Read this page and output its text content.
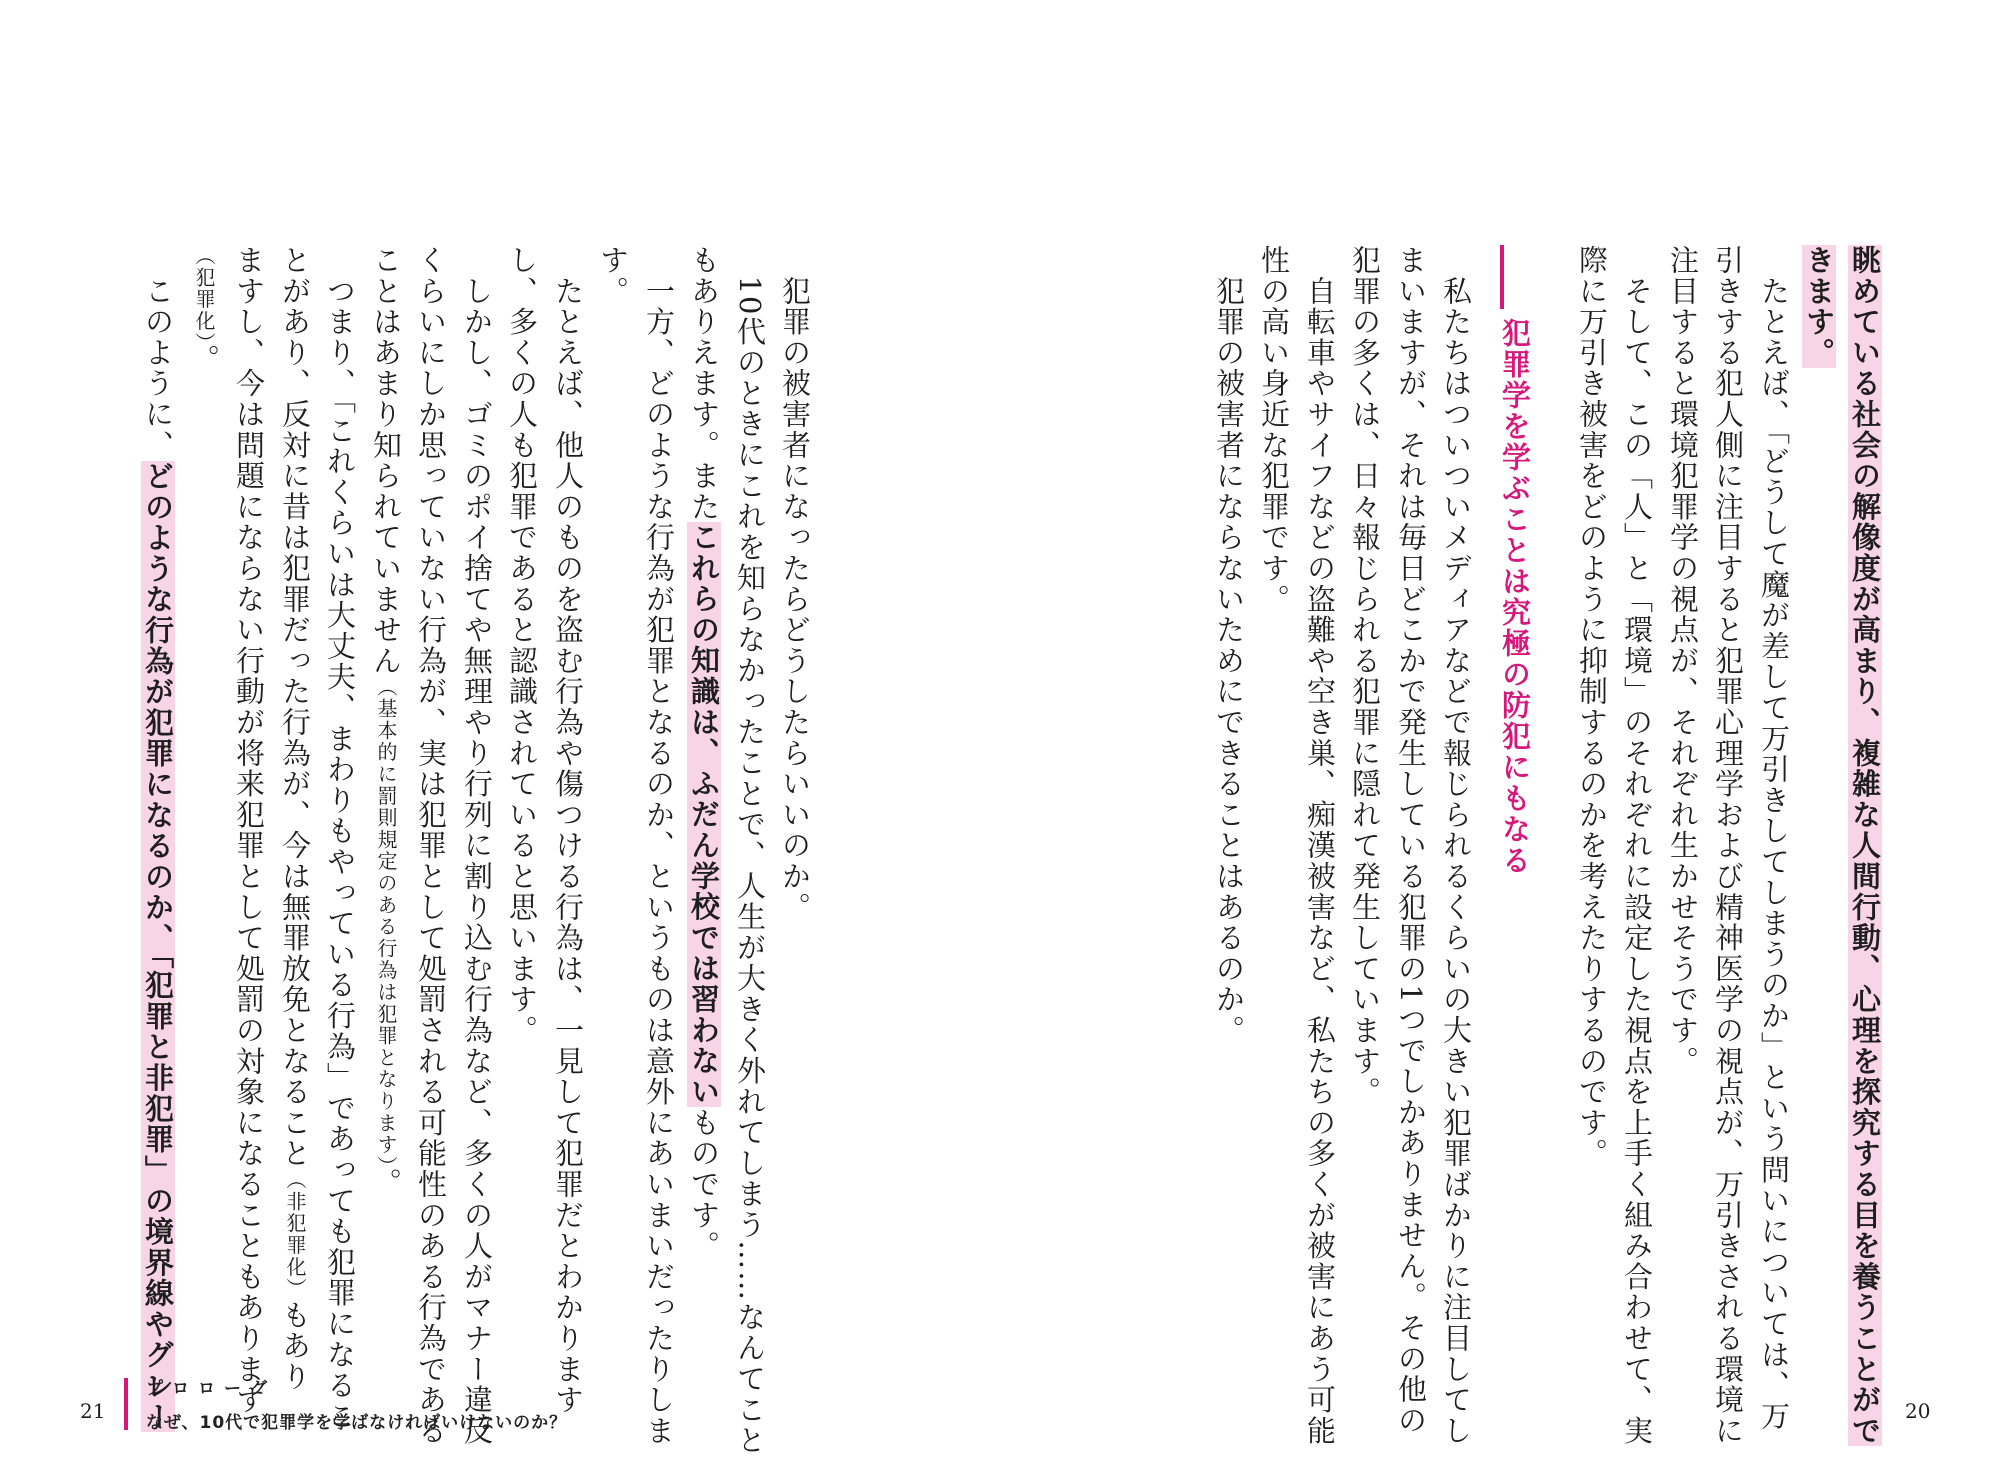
眺めている社会の解像度が高まり、複雑な人間行動、心理を探究する目を養うことがで
きます。
　たとえば、「どうして魔が差して万引きしてしまうのか」という問いについては、万
引きする犯人側に注目すると犯罪心理学および精神医学の視点が、万引きされる環境に
注目すると環境犯罪学の視点が、それぞれ生かせそうです。
　そして、この「人」と「環境」のそれぞれに設定した視点を上手く組み合わせて、実
際に万引き被害をどのように抑制するのかを考えたりするのです。
　私たちはついついメディアなどで報じられるくらいの大きい犯罪ばかりに注目してし
まいますが、それは毎日どこかで発生している犯罪の1つでしかありません。その他の
犯罪の多くは、日々報じられる犯罪に隠れて発生しています。
　自転車やサイフなどの盗難や空き巣、痴漢被害など、私たちの多くが被害にあう可能
性の高い身近な犯罪です。
　犯罪の被害者にならないためにできることはあるのか。
　犯罪の被害者になったらどうしたらいいのか。
　10代のときにこれを知らなかったことで、人生が大きく外れてしまう……なんてこと
もありえます。またこれらの知識は、ふだん学校では習わないものです。
　一方、どのような行為が犯罪となるのか、というものは意外にあいまいだったりしま
す。
　たとえば、他人のものを盗む行為や傷つける行為は、一見して犯罪だとわかります
し、多くの人も犯罪であると認識されていると思います。
　しかし、ゴミのポイ捨てや無理やり行列に割り込む行為など、多くの人がマナー違反
くらいにしか思っていない行為が、実は犯罪として処罰される可能性のある行為である
ことはあまり知られていません（基本的に罰則規定のある行為は犯罪となります）。
　つまり、「これくらいは大丈夫、まわりもやっている行為」であっても犯罪になるこ
とがあり、反対に昔は犯罪だった行為が、今は無罪放免となること（非犯罪化）もあり
ますし、今は問題にならない行動が将来犯罪として処罰の対象になることもあります
（犯罪化）。
　このように、どのような行為が犯罪になるのか、「犯罪と非犯罪」の境界線やグレー	犯罪学を学ぶことは究極の防犯にもなる
20
21
プロローグ
なぜ、10代で犯罪学を学ばなければいけないのか？
